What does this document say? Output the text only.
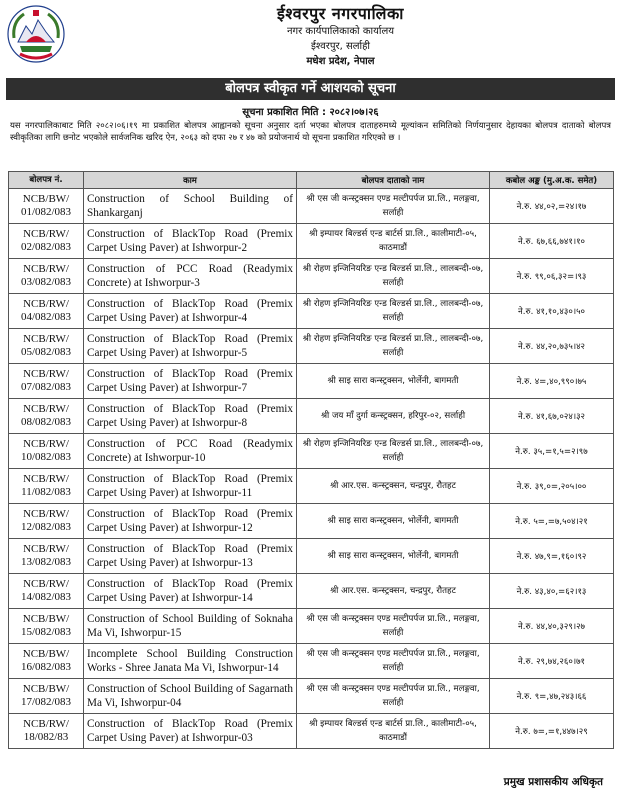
ईश्वरपुर नगरपालिका
नगर कार्यपालिकाको कार्यालय
ईश्वरपुर, सर्लाही
मधेश प्रदेश, नेपाल
बोलपत्र स्वीकृत गर्ने आशयको सूचना
सूचना प्रकाशित मिति : २०८२।०७।२६
यस नगरपालिकाबाट मिति २०८२।०६।१९ मा प्रकाशित बोलपत्र आह्वानको सूचना अनुसार दर्ता भएका बोलपत्र दाताहरुमध्ये मूल्यांकन समितिको निर्णयानुसार देहायका बोलपत्र दाताको बोलपत्र स्वीकृतिका लागि छनोट भएकोले सार्वजनिक खरिद ऐन, २०६३ को दफा २७ र ४७ को प्रयोजनार्थ यो सूचना प्रकाशित गरिएको छ ।
बोलपत्र नं.	काम	बोलपत्र दाताको नाम	कबोल अङ्क (मु.अ.क. समेत)
NCB/BW/ 01/082/083	Construction of School Building of Shankarganj	श्री एस जी कन्स्ट्रक्सन एण्ड मल्टीपर्पज प्रा.लि., मलङ्गवा, सर्लाही	ने.रु. ४४,०२,=२४।१७
NCB/RW/ 02/082/083	Construction of BlackTop Road (Premix Carpet Using Paver) at Ishworpur-2	श्री इम्पायर बिल्डर्स एन्ड बार्टर्स प्रा.लि., कालीमाटी-०५, काठमाडौं	ने.रु. ६७,६६,७४१।१०
NCB/RW/ 03/082/083	Construction of PCC Road (Readymix Concrete) at Ishworpur-3	श्री रोहण इन्जिनियरिङ एन्ड बिल्डर्स प्रा.लि., लालबन्दी-०७, सर्लाही	ने.रु. ९९,०६,३२=।९३
NCB/RW/ 04/082/083	Construction of BlackTop Road (Premix Carpet Using Paver) at Ishworpur-4	श्री रोहण इन्जिनियरिङ एन्ड बिल्डर्स प्रा.लि., लालबन्दी-०७, सर्लाही	ने.रु. ४१,१०,४३०।५०
NCB/RW/ 05/082/083	Construction of BlackTop Road (Premix Carpet Using Paver) at Ishworpur-5	श्री रोहण इन्जिनियरिङ एन्ड बिल्डर्स प्रा.लि., लालबन्दी-०७, सर्लाही	ने.रु. ४४,२०,७३५।४२
NCB/RW/ 07/082/083	Construction of BlackTop Road (Premix Carpet Using Paver) at Ishworpur-7	श्री साइ सारा कन्स्ट्रक्सन, भोर्लेनी, बागमती	ने.रु. ४=,४०,९९०।७५
NCB/RW/ 08/082/083	Construction of BlackTop Road (Premix Carpet Using Paver) at Ishworpur-8	श्री जय माँ दुर्गा कन्स्ट्रक्सन, हरिपुर-०२, सर्लाही	ने.रु. ४१,६७,०२४।३२
NCB/RW/ 10/082/083	Construction of PCC Road (Readymix Concrete) at Ishworpur-10	श्री रोहण इन्जिनियरिङ एन्ड बिल्डर्स प्रा.लि., लालबन्दी-०७, सर्लाही	ने.रु. ३५,=१,५=२।९७
NCB/RW/ 11/082/083	Construction of BlackTop Road (Premix Carpet Using Paver) at Ishworpur-11	श्री आर.एस. कन्स्ट्रक्सन, चन्द्रपुर, रौतहट	ने.रु. ३९,०=,२०५।००
NCB/RW/ 12/082/083	Construction of BlackTop Road (Premix Carpet Using Paver) at Ishworpur-12	श्री साइ सारा कन्स्ट्रक्सन, भोर्लेनी, बागमती	ने.रु. ५=,=७,५०४।२१
NCB/RW/ 13/082/083	Construction of BlackTop Road (Premix Carpet Using Paver) at Ishworpur-13	श्री साइ सारा कन्स्ट्रक्सन, भोर्लेनी, बागमती	ने.रु. ४७,९=,१६०।९२
NCB/RW/ 14/082/083	Construction of BlackTop Road (Premix Carpet Using Paver) at Ishworpur-14	श्री आर.एस. कन्स्ट्रक्सन, चन्द्रपुर, रौतहट	ने.रु. ४३,४०,=६२।१३
NCB/BW/ 15/082/083	Construction of School Building of Soknaha Ma Vi, Ishworpur-15	श्री एस जी कन्स्ट्रक्सन एण्ड मल्टीपर्पज प्रा.लि., मलङ्गवा, सर्लाही	ने.रु. ४४,४०,३२९।२७
NCB/BW/ 16/082/083	Incomplete School Building Construction Works - Shree Janata Ma Vi, Ishworpur-14	श्री एस जी कन्स्ट्रक्सन एण्ड मल्टीपर्पज प्रा.लि., मलङ्गवा, सर्लाही	ने.रु. २९,७४,२६०।७१
NCB/BW/ 17/082/083	Construction of School Building of Sagarnath Ma Vi, Ishworpur-04	श्री एस जी कन्स्ट्रक्सन एण्ड मल्टीपर्पज प्रा.लि., मलङ्गवा, सर्लाही	ने.रु. ९=,४७,२४३।६६
NCB/RW/ 18/082/83	Construction of BlackTop Road (Premix Carpet Using Paver) at Ishworpur-03	श्री इम्पायर बिल्डर्स एन्ड बार्टर्स प्रा.लि., कालीमाटी-०५, काठमाडौं	ने.रु. ७=,=१,४४७।२९
प्रमुख प्रशासकीय अधिकृत
